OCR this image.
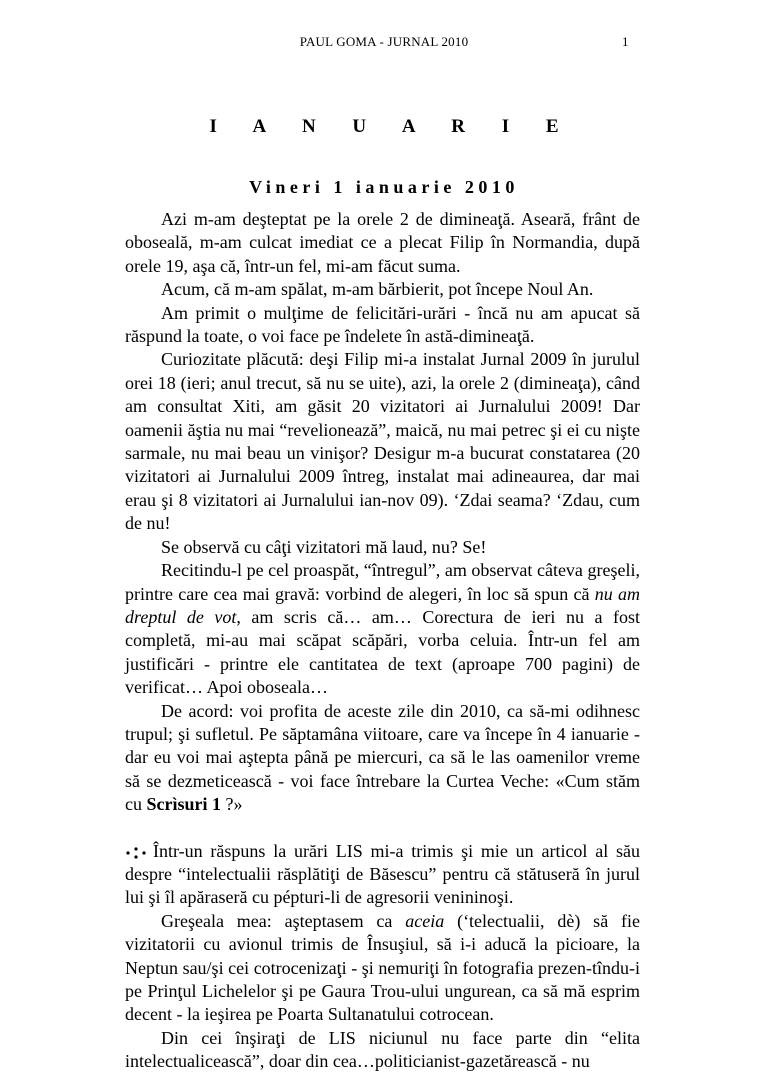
PAUL GOMA - JURNAL 2010	1
I A N U A R I E
Vineri 1 ianuarie 2010

Azi m-am deşteptat pe la orele 2 de dimineaţă. Aseară, frânt de oboseală, m-am culcat imediat ce a plecat Filip în Normandia, după orele 19, aşa că, într-un fel, mi-am făcut suma.

Acum, că m-am spălat, m-am bărbierit, pot începe Noul An.

Am primit o mulţime de felicitări-urări - încă nu am apucat să răspund la toate, o voi face pe îndelete în astă-dimineaţă.

Curiozitate plăcută: deşi Filip mi-a instalat Jurnal 2009 în jurulul orei 18 (ieri; anul trecut, să nu se uite), azi, la orele 2 (dimineaţa), când am consultat Xiti, am găsit 20 vizitatori ai Jurnalului 2009! Dar oamenii ăştia nu mai “revelionează”, maică, nu mai petrec şi ei cu nişte sarmale, nu mai beau un vinişor? Desigur m-a bucurat constatarea (20 vizitatori ai Jurnalului 2009 întreg, instalat mai adineaurea, dar mai erau şi 8 vizitatori ai Jurnalului ian-nov 09). ‘Zdai seama? ‘Zdau, cum de nu!

Se observă cu câţi vizitatori mă laud, nu? Se!

Recitindu-l pe cel proaspăt, “întregul”, am observat câteva greşeli, printre care cea mai gravă: vorbind de alegeri, în loc să spun că nu am dreptul de vot, am scris că… am… Corectura de ieri nu a fost completă, mi-au mai scăpat scăpări, vorba celuia. Într-un fel am justificări - printre ele cantitatea de text (aproape 700 pagini) de verificat… Apoi oboseala…

De acord: voi profita de aceste zile din 2010, ca să-mi odihnesc trupul; şi sufletul. Pe săptamâna viitoare, care va începe în 4 ianuarie - dar eu voi mai aştepta până pe miercuri, ca să le las oamenilor vreme să se dezmeticească - voi face întrebare la Curtea Veche: «Cum stăm cu Scrìsuri 1 ?»

Într-un răspuns la urări LIS mi-a trimis şi mie un articol al său despre “intelectualii răsplătiţi de Băsescu” pentru că stătuseră în jurul lui şi îl apăraseră cu pépturi-li de agresorii venininoşi.

Greşeala mea: aşteptasem ca aceia (‘telectualii, dè) să fie vizitatorii cu avionul trimis de Însuşiul, să i-i aducă la picioare, la Neptun sau/şi cei cotrocenizaţi - şi nemuriţi în fotografia prezen-tîndu-i pe Prinţul Lichelelor şi pe Gaura Trou-ului ungurean, ca să mă esprim decent - la ieşirea pe Poarta Sultanatului cotrocean.

Din cei înşiraţi de LIS niciunul nu face parte din “elita intelectualicească”, doar din cea…politicianist-gazetărească - nu
